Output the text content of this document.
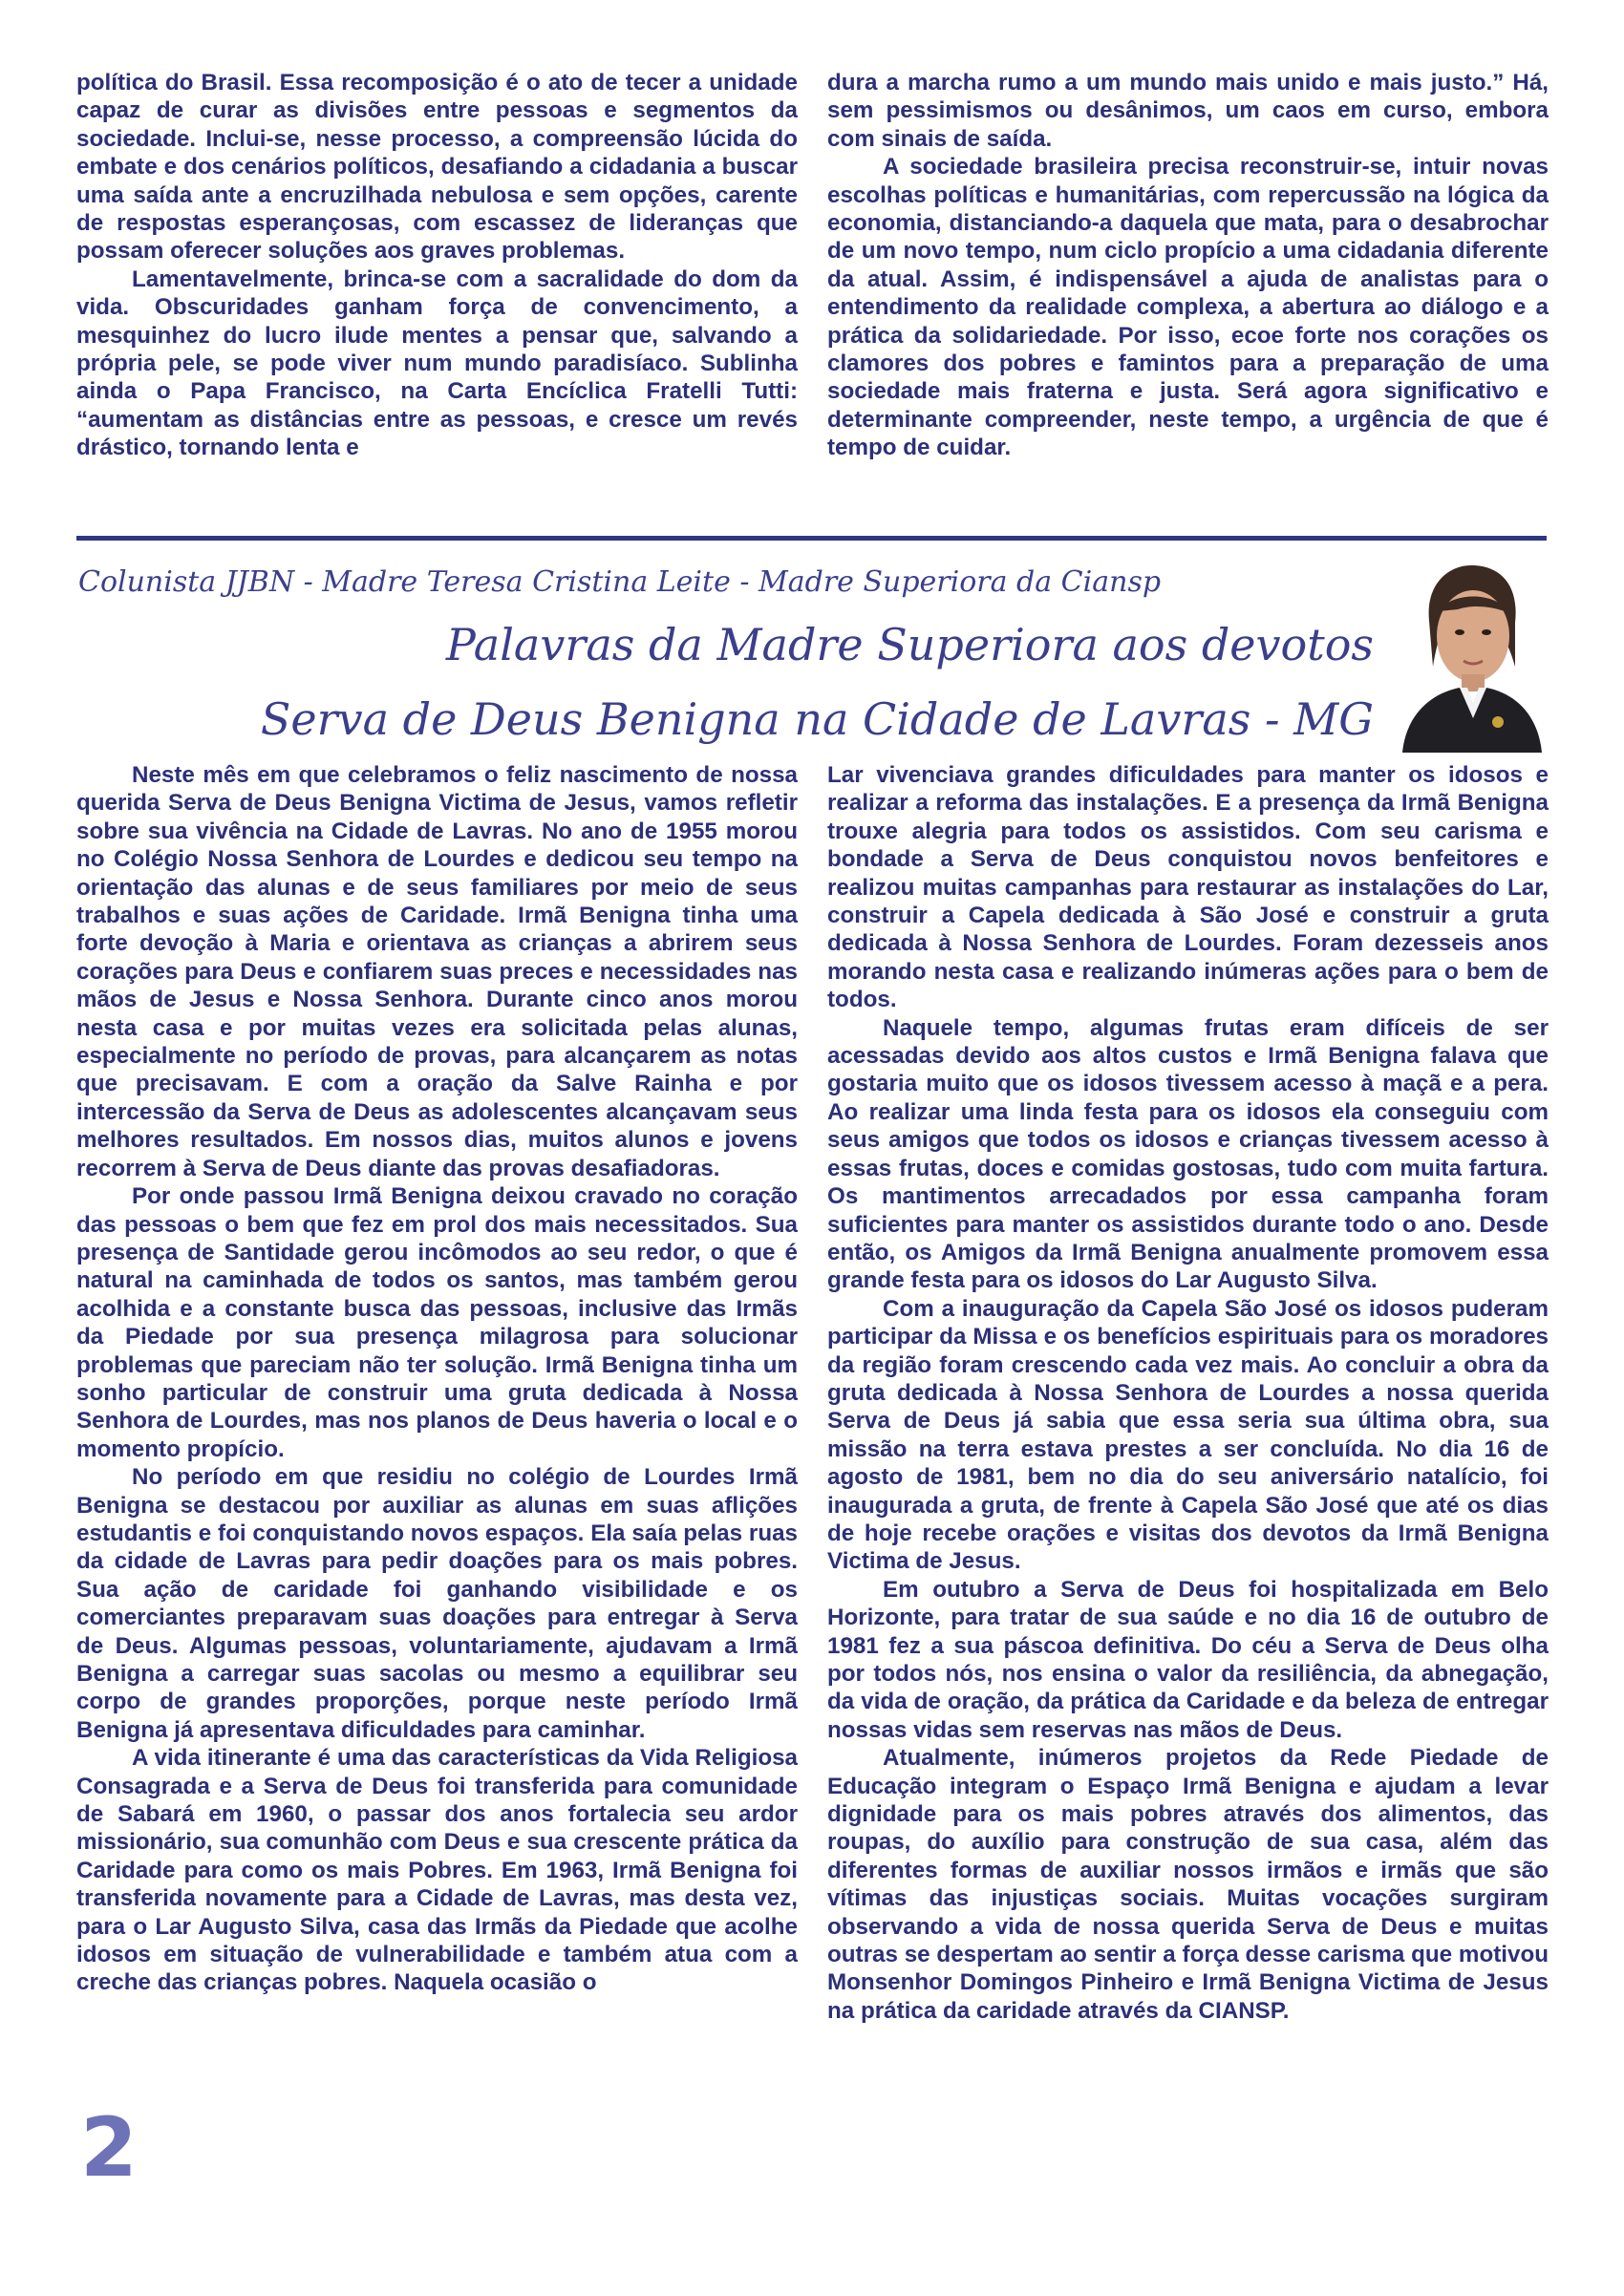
política do Brasil. Essa recomposição é o ato de tecer a unidade capaz de curar as divisões entre pessoas e segmentos da sociedade. Inclui-se, nesse processo, a compreensão lúcida do embate e dos cenários políticos, desafiando a cidadania a buscar uma saída ante a encruzilhada nebulosa e sem opções, carente de respostas esperançosas, com escassez de lideranças que possam oferecer soluções aos graves problemas.

Lamentavelmente, brinca-se com a sacralidade do dom da vida. Obscuridades ganham força de convencimento, a mesquinhez do lucro ilude mentes a pensar que, salvando a própria pele, se pode viver num mundo paradisíaco. Sublinha ainda o Papa Francisco, na Carta Encíclica Fratelli Tutti: “aumentam as distâncias entre as pessoas, e cresce um revés drástico, tornando lenta e

dura a marcha rumo a um mundo mais unido e mais justo.” Há, sem pessimismos ou desânimos, um caos em curso, embora com sinais de saída.

A sociedade brasileira precisa reconstruir-se, intuir novas escolhas políticas e humanitárias, com repercussão na lógica da economia, distanciando-a daquela que mata, para o desabrochar de um novo tempo, num ciclo propício a uma cidadania diferente da atual. Assim, é indispensável a ajuda de analistas para o entendimento da realidade complexa, a abertura ao diálogo e a prática da solidariedade. Por isso, ecoe forte nos corações os clamores dos pobres e famintos para a preparação de uma sociedade mais fraterna e justa. Será agora significativo e determinante compreender, neste tempo, a urgência de que é tempo de cuidar.

Colunista JJBN - Madre Teresa Cristina Leite - Madre Superiora da Ciansp
Palavras da Madre Superiora aos devotos
Serva de Deus Benigna na Cidade de Lavras - MG

Neste mês em que celebramos o feliz nascimento de nossa querida Serva de Deus Benigna Victima de Jesus, vamos refletir sobre sua vivência na Cidade de Lavras. No ano de 1955 morou no Colégio Nossa Senhora de Lourdes e dedicou seu tempo na orientação das alunas e de seus familiares por meio de seus trabalhos e suas ações de Caridade. Irmã Benigna tinha uma forte devoção à Maria e orientava as crianças a abrirem seus corações para Deus e confiarem suas preces e necessidades nas mãos de Jesus e Nossa Senhora. Durante cinco anos morou nesta casa e por muitas vezes era solicitada pelas alunas, especialmente no período de provas, para alcançarem as notas que precisavam. E com a oração da Salve Rainha e por intercessão da Serva de Deus as adolescentes alcançavam seus melhores resultados. Em nossos dias, muitos alunos e jovens recorrem à Serva de Deus diante das provas desafiadoras.

Por onde passou Irmã Benigna deixou cravado no coração das pessoas o bem que fez em prol dos mais necessitados. Sua presença de Santidade gerou incômodos ao seu redor, o que é natural na caminhada de todos os santos, mas também gerou acolhida e a constante busca das pessoas, inclusive das Irmãs da Piedade por sua presença milagrosa para solucionar problemas que pareciam não ter solução. Irmã Benigna tinha um sonho particular de construir uma gruta dedicada à Nossa Senhora de Lourdes, mas nos planos de Deus haveria o local e o momento propício.

No período em que residiu no colégio de Lourdes Irmã Benigna se destacou por auxiliar as alunas em suas aflições estudantis e foi conquistando novos espaços. Ela saía pelas ruas da cidade de Lavras para pedir doações para os mais pobres. Sua ação de caridade foi ganhando visibilidade e os comerciantes preparavam suas doações para entregar à Serva de Deus. Algumas pessoas, voluntariamente, ajudavam a Irmã Benigna a carregar suas sacolas ou mesmo a equilibrar seu corpo de grandes proporções, porque neste período Irmã Benigna já apresentava dificuldades para caminhar.

A vida itinerante é uma das características da Vida Religiosa Consagrada e a Serva de Deus foi transferida para comunidade de Sabará em 1960, o passar dos anos fortalecia seu ardor missionário, sua comunhão com Deus e sua crescente prática da Caridade para como os mais Pobres. Em 1963, Irmã Benigna foi transferida novamente para a Cidade de Lavras, mas desta vez, para o Lar Augusto Silva, casa das Irmãs da Piedade que acolhe idosos em situação de vulnerabilidade e também atua com a creche das crianças pobres. Naquela ocasião o

Lar vivenciava grandes dificuldades para manter os idosos e realizar a reforma das instalações. E a presença da Irmã Benigna trouxe alegria para todos os assistidos. Com seu carisma e bondade a Serva de Deus conquistou novos benfeitores e realizou muitas campanhas para restaurar as instalações do Lar, construir a Capela dedicada à São José e construir a gruta dedicada à Nossa Senhora de Lourdes. Foram dezesseis anos morando nesta casa e realizando inúmeras ações para o bem de todos.

Naquele tempo, algumas frutas eram difíceis de ser acessadas devido aos altos custos e Irmã Benigna falava que gostaria muito que os idosos tivessem acesso à maçã e a pera. Ao realizar uma linda festa para os idosos ela conseguiu com seus amigos que todos os idosos e crianças tivessem acesso à essas frutas, doces e comidas gostosas, tudo com muita fartura. Os mantimentos arrecadados por essa campanha foram suficientes para manter os assistidos durante todo o ano. Desde então, os Amigos da Irmã Benigna anualmente promovem essa grande festa para os idosos do Lar Augusto Silva.

Com a inauguração da Capela São José os idosos puderam participar da Missa e os benefícios espirituais para os moradores da região foram crescendo cada vez mais. Ao concluir a obra da gruta dedicada à Nossa Senhora de Lourdes a nossa querida Serva de Deus já sabia que essa seria sua última obra, sua missão na terra estava prestes a ser concluída. No dia 16 de agosto de 1981, bem no dia do seu aniversário natalício, foi inaugurada a gruta, de frente à Capela São José que até os dias de hoje recebe orações e visitas dos devotos da Irmã Benigna Victima de Jesus.

Em outubro a Serva de Deus foi hospitalizada em Belo Horizonte, para tratar de sua saúde e no dia 16 de outubro de 1981 fez a sua páscoa definitiva. Do céu a Serva de Deus olha por todos nós, nos ensina o valor da resiliência, da abnegação, da vida de oração, da prática da Caridade e da beleza de entregar nossas vidas sem reservas nas mãos de Deus.

Atualmente, inúmeros projetos da Rede Piedade de Educação integram o Espaço Irmã Benigna e ajudam a levar dignidade para os mais pobres através dos alimentos, das roupas, do auxílio para construção de sua casa, além das diferentes formas de auxiliar nossos irmãos e irmãs que são vítimas das injustiças sociais. Muitas vocações surgiram observando a vida de nossa querida Serva de Deus e muitas outras se despertam ao sentir a força desse carisma que motivou Monsenhor Domingos Pinheiro e Irmã Benigna Victima de Jesus na prática da caridade através da CIANSP.

2
